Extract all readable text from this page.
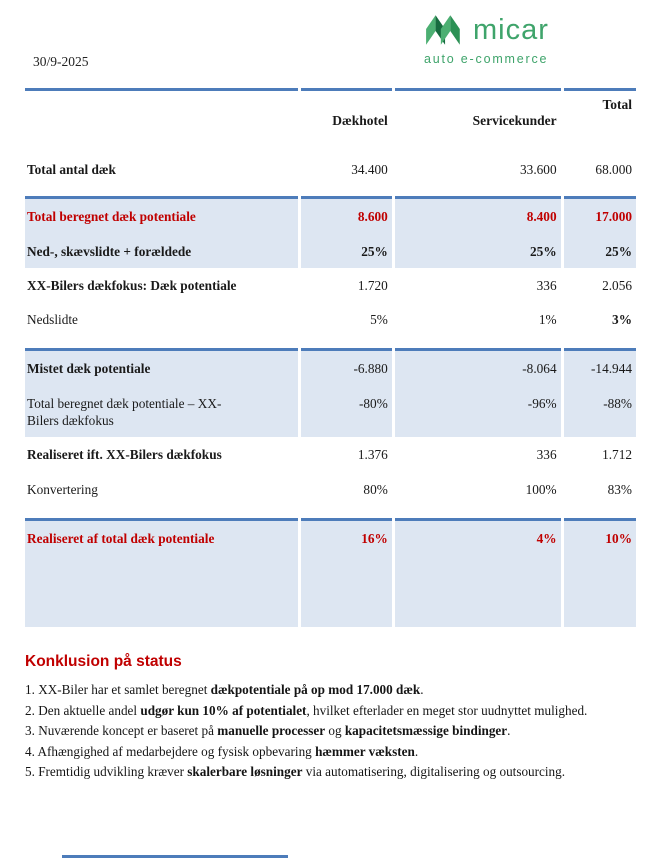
30/9-2025
micar
auto e-commerce
	Dækhotel	Servicekunder	Total
Total antal dæk	34.400	33.600	68.000
Total beregnet dæk potentiale	8.600	8.400	17.000
Ned-, skævslidte + forældede	25%	25%	25%
XX-Bilers dækfokus: Dæk potentiale	1.720	336	2.056
Nedslidte	5%	1%	3%
Mistet dæk potentiale	-6.880	-8.064	-14.944
Total beregnet dæk potentiale – XX-Bilers dækfokus	-80%	-96%	-88%
Realiseret ift. XX-Bilers dækfokus	1.376	336	1.712
Konvertering	80%	100%	83%
Realiseret af total dæk potentiale	16%	4%	10%
Konklusion på status

1. XX-Biler har et samlet beregnet dækpotentiale på op mod 17.000 dæk.

2. Den aktuelle andel udgør kun 10% af potentialet, hvilket efterlader en meget stor uudnyttet mulighed.

3. Nuværende koncept er baseret på manuelle processer og kapacitetsmæssige bindinger.

4. Afhængighed af medarbejdere og fysisk opbevaring hæmmer væksten.

5. Fremtidig udvikling kræver skalerbare løsninger via automatisering, digitalisering og outsourcing.
